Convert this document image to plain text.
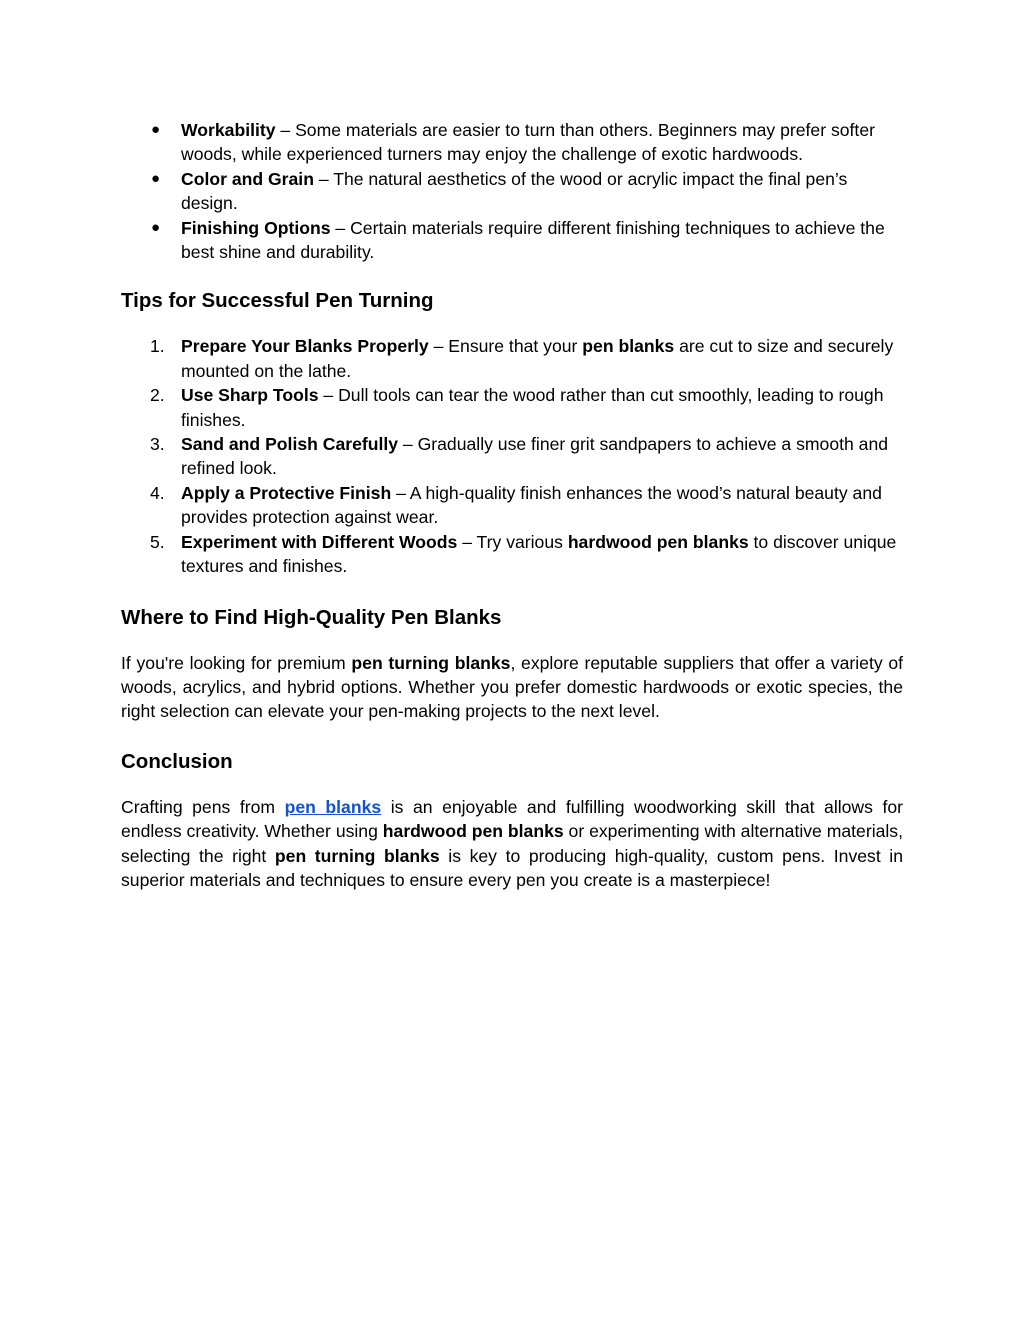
● Workability – Some materials are easier to turn than others. Beginners may prefer softer woods, while experienced turners may enjoy the challenge of exotic hardwoods.
● Color and Grain – The natural aesthetics of the wood or acrylic impact the final pen’s design.
● Finishing Options – Certain materials require different finishing techniques to achieve the best shine and durability.
Tips for Successful Pen Turning
1. Prepare Your Blanks Properly – Ensure that your pen blanks are cut to size and securely mounted on the lathe.
2. Use Sharp Tools – Dull tools can tear the wood rather than cut smoothly, leading to rough finishes.
3. Sand and Polish Carefully – Gradually use finer grit sandpapers to achieve a smooth and refined look.
4. Apply a Protective Finish – A high-quality finish enhances the wood’s natural beauty and provides protection against wear.
5. Experiment with Different Woods – Try various hardwood pen blanks to discover unique textures and finishes.
Where to Find High-Quality Pen Blanks

If you're looking for premium pen turning blanks, explore reputable suppliers that offer a variety of woods, acrylics, and hybrid options. Whether you prefer domestic hardwoods or exotic species, the right selection can elevate your pen-making projects to the next level.

Conclusion

Crafting pens from pen blanks is an enjoyable and fulfilling woodworking skill that allows for endless creativity. Whether using hardwood pen blanks or experimenting with alternative materials, selecting the right pen turning blanks is key to producing high-quality, custom pens. Invest in superior materials and techniques to ensure every pen you create is a masterpiece!
